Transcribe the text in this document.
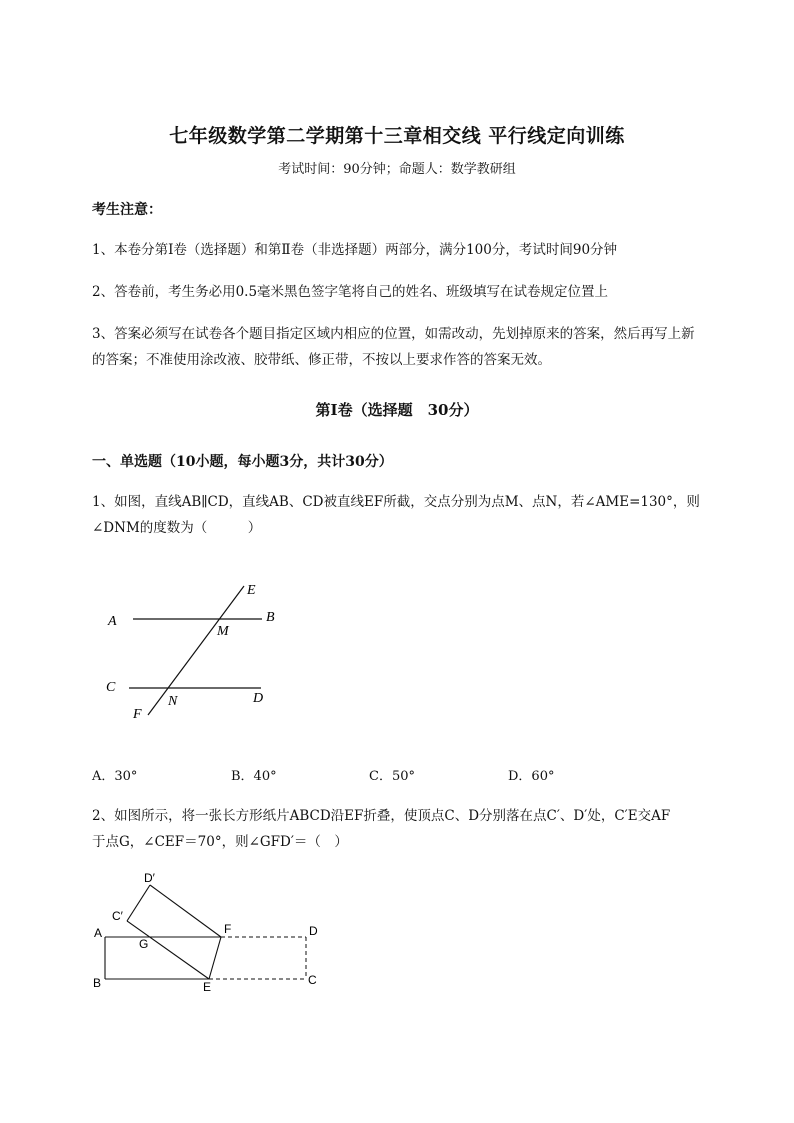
七年级数学第二学期第十三章相交线 平行线定向训练
考试时间：90分钟；命题人：数学教研组
考生注意：
1、本卷分第I卷（选择题）和第Ⅱ卷（非选择题）两部分，满分100分，考试时间90分钟
2、答卷前，考生务必用0.5毫米黑色签字笔将自己的姓名、班级填写在试卷规定位置上
3、答案必须写在试卷各个题目指定区域内相应的位置，如需改动，先划掉原来的答案，然后再写上新
的答案；不准使用涂改液、胶带纸、修正带，不按以上要求作答的答案无效。
第I卷（选择题　30分）
一、单选题（10小题，每小题3分，共计30分）
1、如图，直线AB∥CD，直线AB、CD被直线EF所截，交点分别为点M、点N，若∠AME=130°，则
∠DNM的度数为（　　　）
A	B
C
D
E
F
M
N
A．30°	B．40°	C．50°	D．60°
2、如图所示，将一张长方形纸片ABCD沿EF折叠，使顶点C、D分别落在点C′、D′处，C′E交AF
于点G，∠CEF＝70°，则∠GFD′＝（　）
A
B	C
D
E
F
G
C′
D′
